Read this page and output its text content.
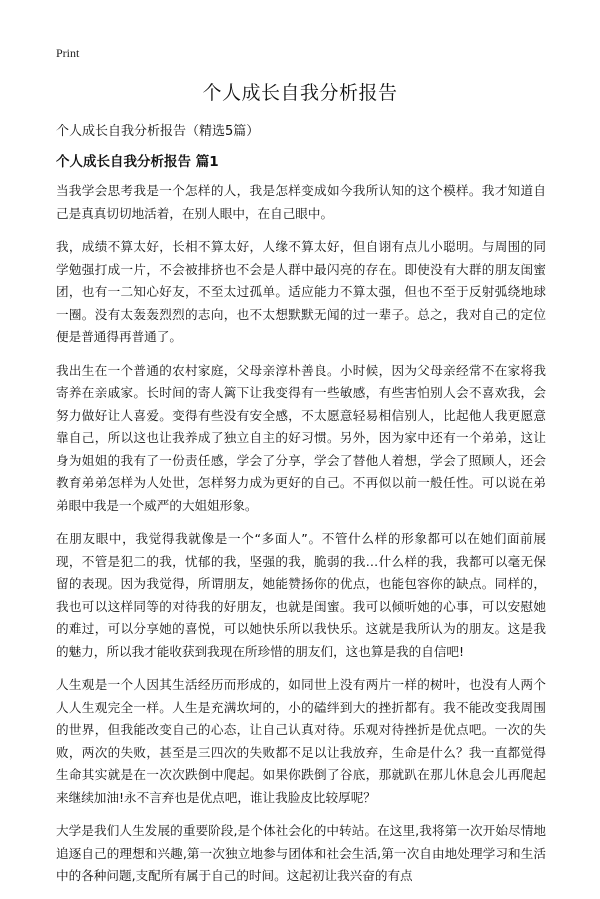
Print
个人成长自我分析报告

个人成长自我分析报告（精选5篇）

个人成长自我分析报告 篇1

当我学会思考我是一个怎样的人，我是怎样变成如今我所认知的这个模样。我才知道自己是真真切切地活着，在别人眼中，在自己眼中。

我，成绩不算太好，长相不算太好，人缘不算太好，但自诩有点儿小聪明。与周围的同学勉强打成一片，不会被排挤也不会是人群中最闪亮的存在。即使没有大群的朋友闺蜜团，也有一二知心好友，不至太过孤单。适应能力不算太强，但也不至于反射弧绕地球一圈。没有太轰轰烈烈的志向，也不太想默默无闻的过一辈子。总之，我对自己的定位便是普通得再普通了。

我出生在一个普通的农村家庭，父母亲淳朴善良。小时候，因为父母亲经常不在家将我寄养在亲戚家。长时间的寄人篱下让我变得有一些敏感，有些害怕别人会不喜欢我，会努力做好让人喜爱。变得有些没有安全感，不太愿意轻易相信别人，比起他人我更愿意靠自己，所以这也让我养成了独立自主的好习惯。另外，因为家中还有一个弟弟，这让身为姐姐的我有了一份责任感，学会了分享，学会了替他人着想，学会了照顾人，还会教育弟弟怎样为人处世，怎样努力成为更好的自己。不再似以前一般任性。可以说在弟弟眼中我是一个威严的大姐姐形象。

在朋友眼中，我觉得我就像是一个“多面人”。不管什么样的形象都可以在她们面前展现，不管是犯二的我，忧郁的我，坚强的我，脆弱的我…什么样的我，我都可以毫无保留的表现。因为我觉得，所谓朋友，她能赞扬你的优点，也能包容你的缺点。同样的，我也可以这样同等的对待我的好朋友，也就是闺蜜。我可以倾听她的心事，可以安慰她的难过，可以分享她的喜悦，可以她快乐所以我快乐。这就是我所认为的朋友。这是我的魅力，所以我才能收获到我现在所珍惜的朋友们，这也算是我的自信吧!

人生观是一个人因其生活经历而形成的，如同世上没有两片一样的树叶，也没有人两个人人生观完全一样。人生是充满坎坷的，小的磕绊到大的挫折都有。我不能改变我周围的世界，但我能改变自己的心态，让自己认真对待。乐观对待挫折是优点吧。一次的失败，两次的失败，甚至是三四次的失败都不足以让我放弃，生命是什么？我一直都觉得生命其实就是在一次次跌倒中爬起。如果你跌倒了谷底，那就趴在那儿休息会儿再爬起来继续加油!永不言弃也是优点吧，谁让我脸皮比较厚呢？

大学是我们人生发展的重要阶段,是个体社会化的中转站。在这里,我将第一次开始尽情地追逐自己的理想和兴趣,第一次独立地参与团体和社会生活,第一次自由地处理学习和生活中的各种问题,支配所有属于自己的时间。这起初让我兴奋的有点
